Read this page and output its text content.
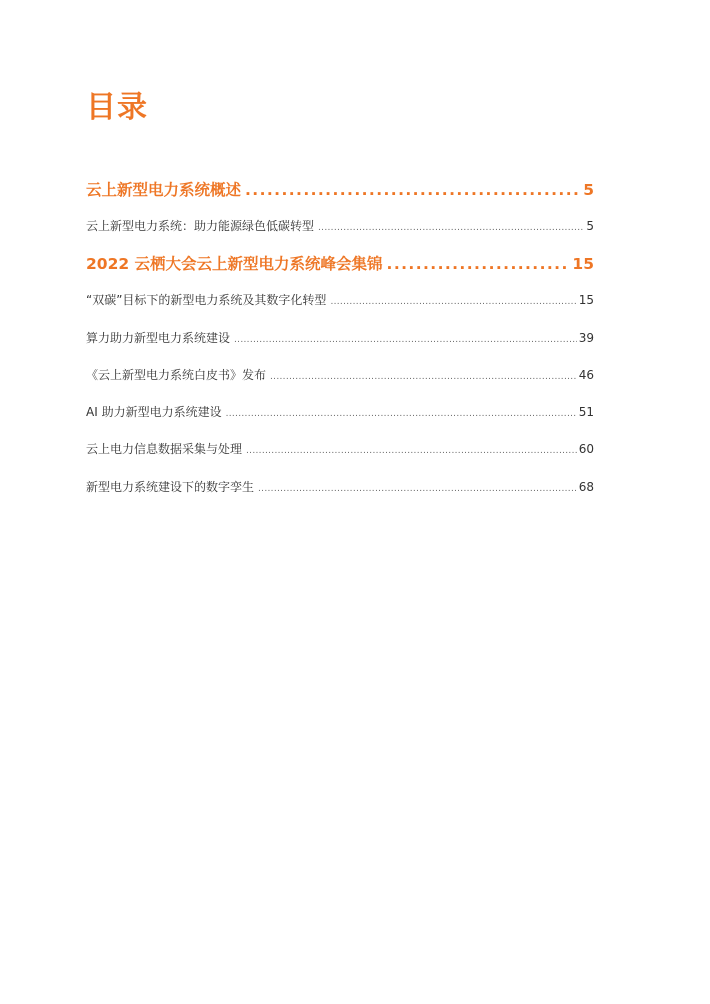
目录
云上新型电力系统概述 .....	5
云上新型电力系统：助力能源绿色低碳转型 .....	5
2022 云栖大会云上新型电力系统峰会集锦 .....	15
“双碳”目标下的新型电力系统及其数字化转型 .....	15
算力助力新型电力系统建设 .....	39
《云上新型电力系统白皮书》发布 .....	46
AI 助力新型电力系统建设 .....	51
云上电力信息数据采集与处理 .....	60
新型电力系统建设下的数字孪生 .....	68
